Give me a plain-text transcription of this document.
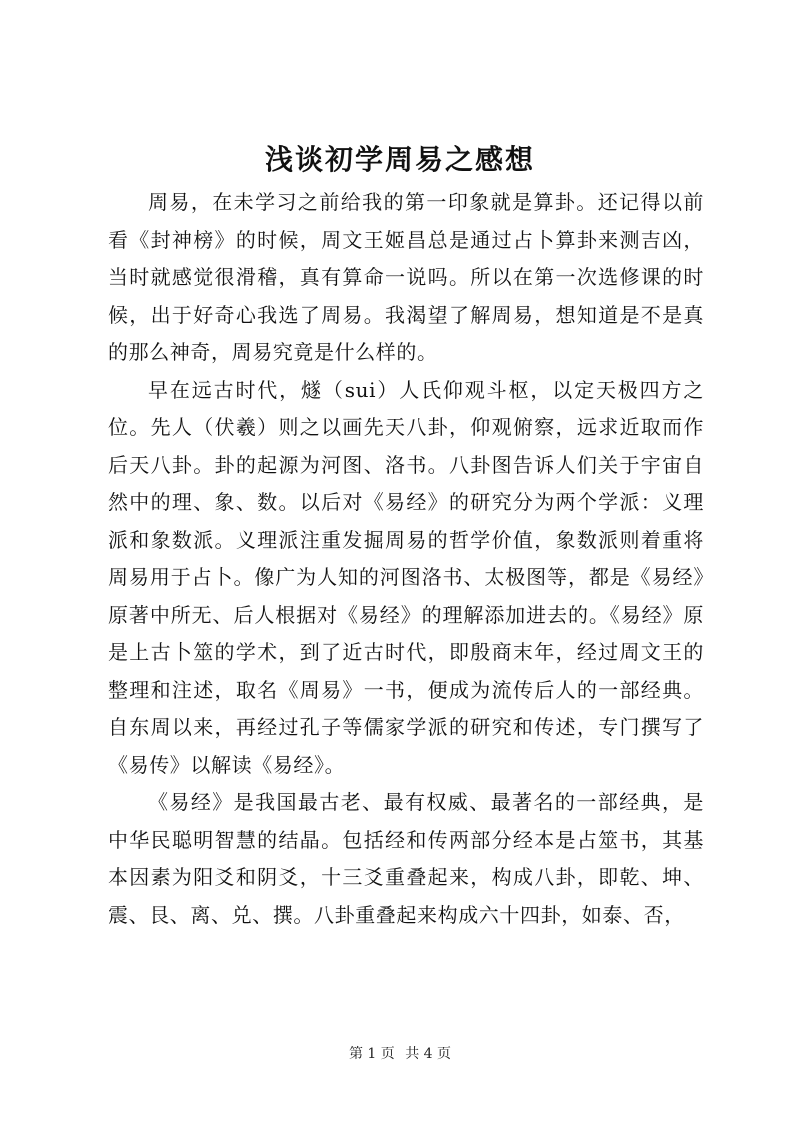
浅谈初学周易之感想

周易，在未学习之前给我的第一印象就是算卦。还记得以前看《封神榜》的时候，周文王姬昌总是通过占卜算卦来测吉凶，当时就感觉很滑稽，真有算命一说吗。所以在第一次选修课的时候，出于好奇心我选了周易。我渴望了解周易，想知道是不是真的那么神奇，周易究竟是什么样的。

早在远古时代，燧（sui）人氏仰观斗枢，以定天极四方之位。先人（伏羲）则之以画先天八卦，仰观俯察，远求近取而作后天八卦。卦的起源为河图、洛书。八卦图告诉人们关于宇宙自然中的理、象、数。以后对《易经》的研究分为两个学派：义理派和象数派。义理派注重发掘周易的哲学价值，象数派则着重将周易用于占卜。像广为人知的河图洛书、太极图等，都是《易经》原著中所无、后人根据对《易经》的理解添加进去的。《易经》原是上古卜筮的学术，到了近古时代，即殷商末年，经过周文王的整理和注述，取名《周易》一书，便成为流传后人的一部经典。自东周以来，再经过孔子等儒家学派的研究和传述，专门撰写了《易传》以解读《易经》。

《易经》是我国最古老、最有权威、最著名的一部经典，是中华民聪明智慧的结晶。包括经和传两部分经本是占筮书，其基本因素为阳爻和阴爻，十三爻重叠起来，构成八卦，即乾、坤、震、艮、离、兑、撰。八卦重叠起来构成六十四卦，如泰、否，

第 1 页 共 4 页
